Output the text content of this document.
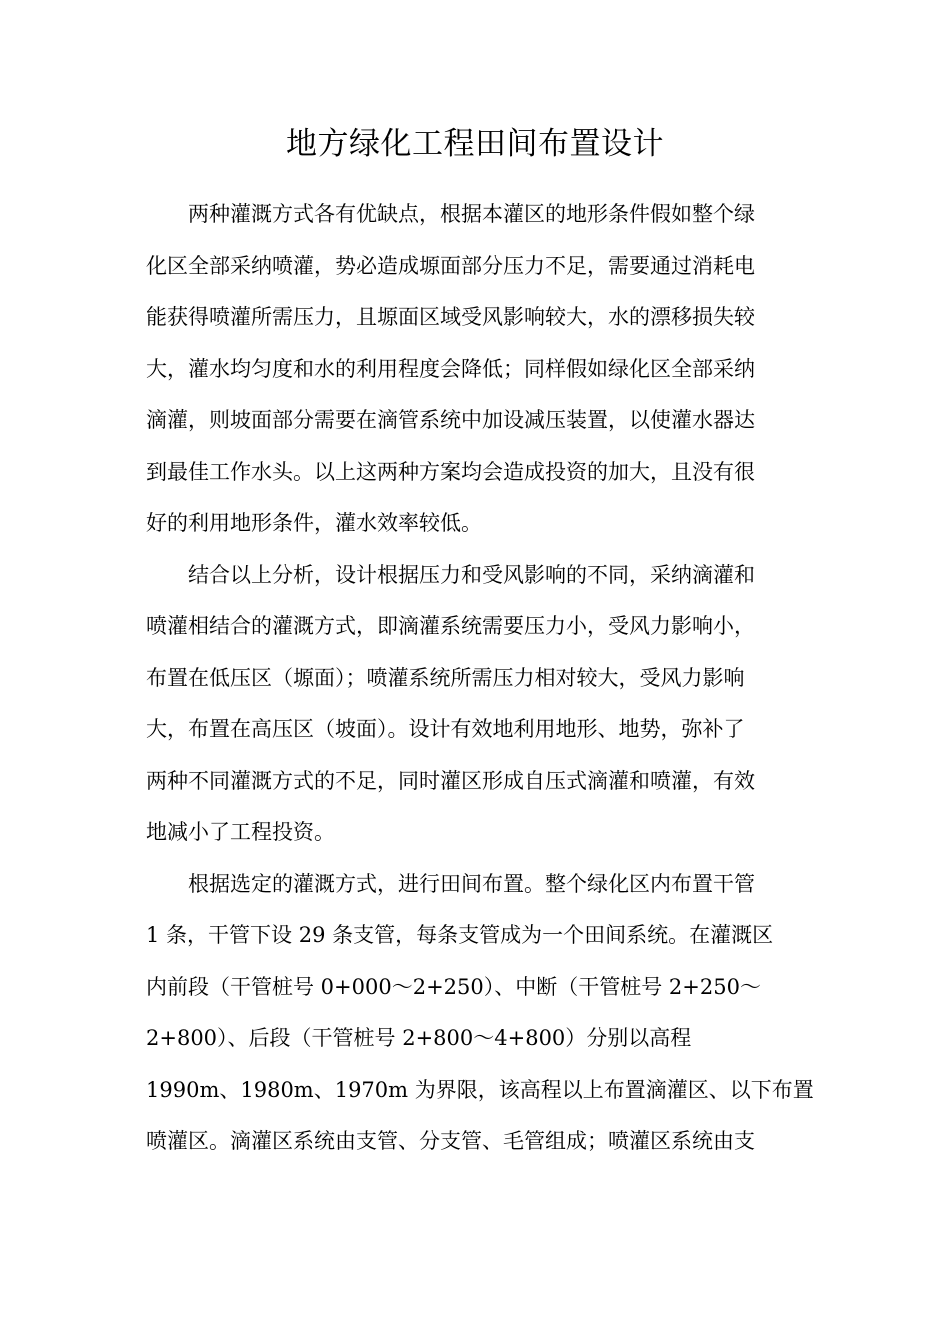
地方绿化工程田间布置设计
两种灌溉方式各有优缺点，根据本灌区的地形条件假如整个绿
化区全部采纳喷灌，势必造成塬面部分压力不足，需要通过消耗电
能获得喷灌所需压力，且塬面区域受风影响较大，水的漂移损失较
大，灌水均匀度和水的利用程度会降低；同样假如绿化区全部采纳
滴灌，则坡面部分需要在滴管系统中加设减压装置，以使灌水器达
到最佳工作水头。以上这两种方案均会造成投资的加大，且没有很
好的利用地形条件，灌水效率较低。
结合以上分析，设计根据压力和受风影响的不同，采纳滴灌和
喷灌相结合的灌溉方式，即滴灌系统需要压力小，受风力影响小，
布置在低压区（塬面）；喷灌系统所需压力相对较大，受风力影响
大，布置在高压区（坡面）。设计有效地利用地形、地势，弥补了
两种不同灌溉方式的不足，同时灌区形成自压式滴灌和喷灌，有效
地减小了工程投资。
根据选定的灌溉方式，进行田间布置。整个绿化区内布置干管
1 条，干管下设 29 条支管，每条支管成为一个田间系统。在灌溉区
内前段（干管桩号 0+000～2+250）、中断（干管桩号 2+250～
2+800）、后段（干管桩号 2+800～4+800）分别以高程
1990m、1980m、1970m 为界限，该高程以上布置滴灌区、以下布置
喷灌区。滴灌区系统由支管、分支管、毛管组成；喷灌区系统由支
